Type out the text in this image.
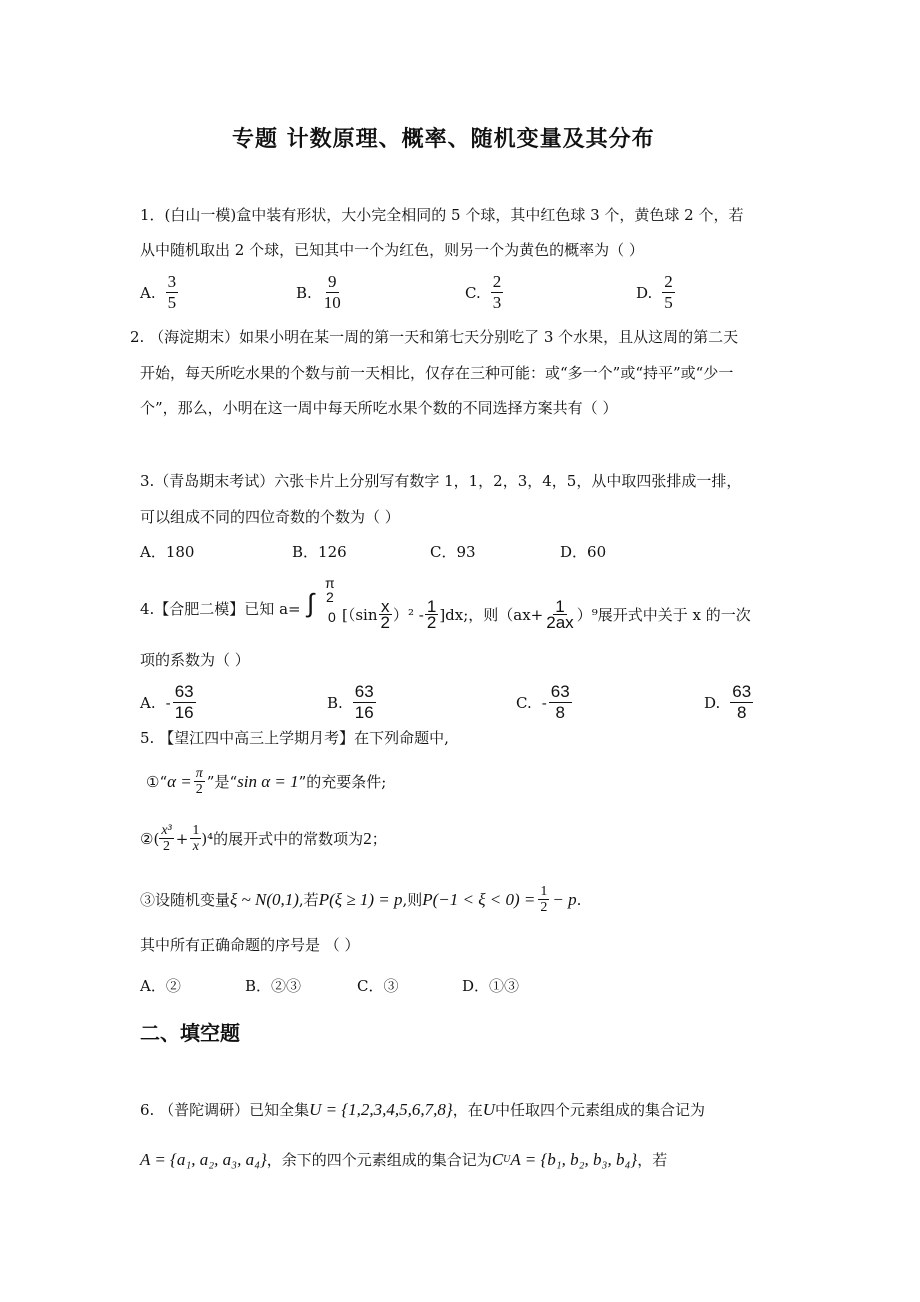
专题 计数原理、概率、随机变量及其分布
1．(白山一模)盒中装有形状，大小完全相同的 5 个球，其中红色球 3 个，黄色球 2 个，若
从中随机取出 2 个球，已知其中一个为红色，则另一个为黄色的概率为（ ）
A. $\frac{3}{5}$	B. $\frac{9}{10}$	C. $\frac{2}{3}$	D. $\frac{2}{5}$
2. （海淀期末）如果小明在某一周的第一天和第七天分别吃了 3 个水果，且从这周的第二天
开始，每天所吃水果的个数与前一天相比，仅存在三种可能：或“多一个”或“持平”或“少一
个”，那么，小明在这一周中每天所吃水果个数的不同选择方案共有（ ）
3.（青岛期末考试）六张卡片上分别写有数字 1，1，2，3，4，5，从中取四张排成一排，
可以组成不同的四位奇数的个数为（ ）
A．180	B．126	C．93	D．60
4.【合肥二模】已知 a= ∫
π
2
0 $[(\sin \frac{x}{2} )^2 - \frac{1}{2} ]dx$;，则$(ax+ \frac{1}{2ax} )^9$展开式中关于 x 的一次
项的系数为（ ）
A. - $\frac{63}{16}$	B. $\frac{63}{16}$	C. - $\frac{63}{8}$	D. $\frac{63}{8}$
5. 【望江四中高三上学期月考】在下列命题中,
①“ $\alpha = \frac{\pi}{2}$ ”是“ sin α = 1 ”的充要条件;
②( $\frac{\text{x³}}{2} + \frac{1}{x} )^4$的展开式中的常数项为 2 ；
③设随机变量 ξ ~ N(0,1) ,若 P(ξ ≥ 1) = p ,则 $P(-1 < \xi < 0) = \frac{1}{2} - p$ .
其中所有正确命题的序号是 （ ）
A．②	B．②③	C．③	D．①③
二、填空题
6. （普陀调研）已知全集 U = {1,2,3,4,5,6,7,8} ，在 U 中任取四个元素组成的集合记为
A = {a₁, a₂, a₃, a₄} ，余下的四个元素组成的集合记为 C U A = {b₁, b₂, b₃, b₄} ，若
